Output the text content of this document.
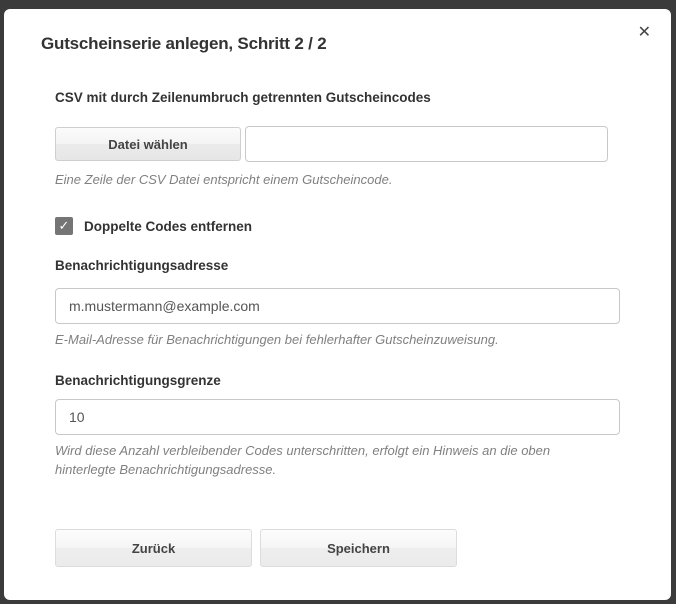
✕
Gutscheinserie anlegen, Schritt 2 / 2
CSV mit durch Zeilenumbruch getrennten Gutscheincodes
Datei wählen
Eine Zeile der CSV Datei entspricht einem Gutscheincode.
✓ Doppelte Codes entfernen
Benachrichtigungsadresse
m.mustermann@example.com
E-Mail-Adresse für Benachrichtigungen bei fehlerhafter Gutscheinzuweisung.
Benachrichtigungsgrenze
10
Wird diese Anzahl verbleibender Codes unterschritten, erfolgt ein Hinweis an die oben hinterlegte Benachrichtigungsadresse.
Zurück	Speichern
